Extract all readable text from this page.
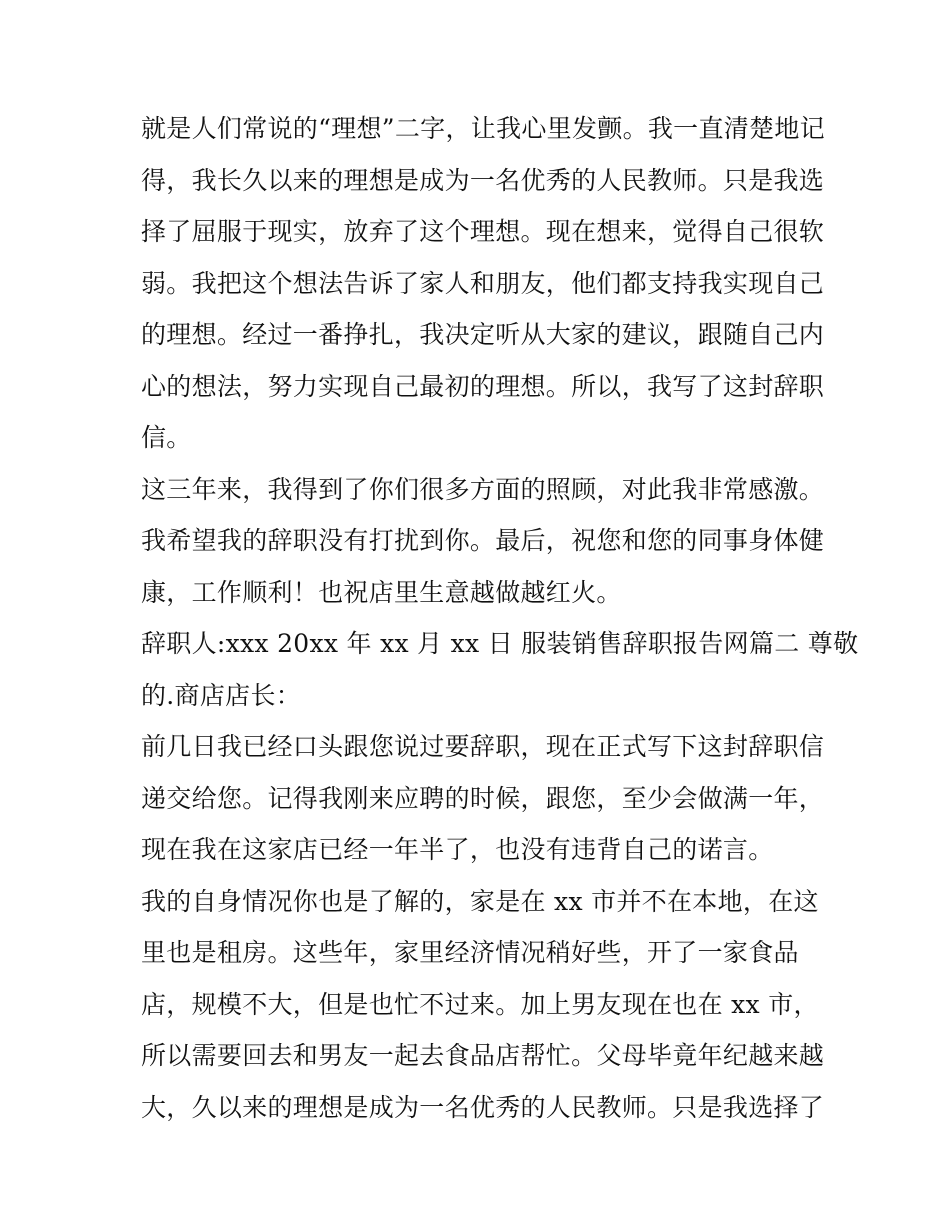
就是人们常说的“理想”二字，让我心里发颤。我一直清楚地记
得，我长久以来的理想是成为一名优秀的人民教师。只是我选
择了屈服于现实，放弃了这个理想。现在想来，觉得自己很软
弱。我把这个想法告诉了家人和朋友，他们都支持我实现自己
的理想。经过一番挣扎，我决定听从大家的建议，跟随自己内
心的想法，努力实现自己最初的理想。所以，我写了这封辞职
信。
这三年来，我得到了你们很多方面的照顾，对此我非常感激。
我希望我的辞职没有打扰到你。最后，祝您和您的同事身体健
康，工作顺利！也祝店里生意越做越红火。
辞职人:xxx 20xx 年 xx 月 xx 日 服装销售辞职报告网篇二 尊敬
的.商店店长：
前几日我已经口头跟您说过要辞职，现在正式写下这封辞职信
递交给您。记得我刚来应聘的时候，跟您，至少会做满一年，
现在我在这家店已经一年半了，也没有违背自己的诺言。
我的自身情况你也是了解的，家是在 xx 市并不在本地，在这
里也是租房。这些年，家里经济情况稍好些，开了一家食品
店，规模不大，但是也忙不过来。加上男友现在也在 xx 市，
所以需要回去和男友一起去食品店帮忙。父母毕竟年纪越来越
大，久以来的理想是成为一名优秀的人民教师。只是我选择了
